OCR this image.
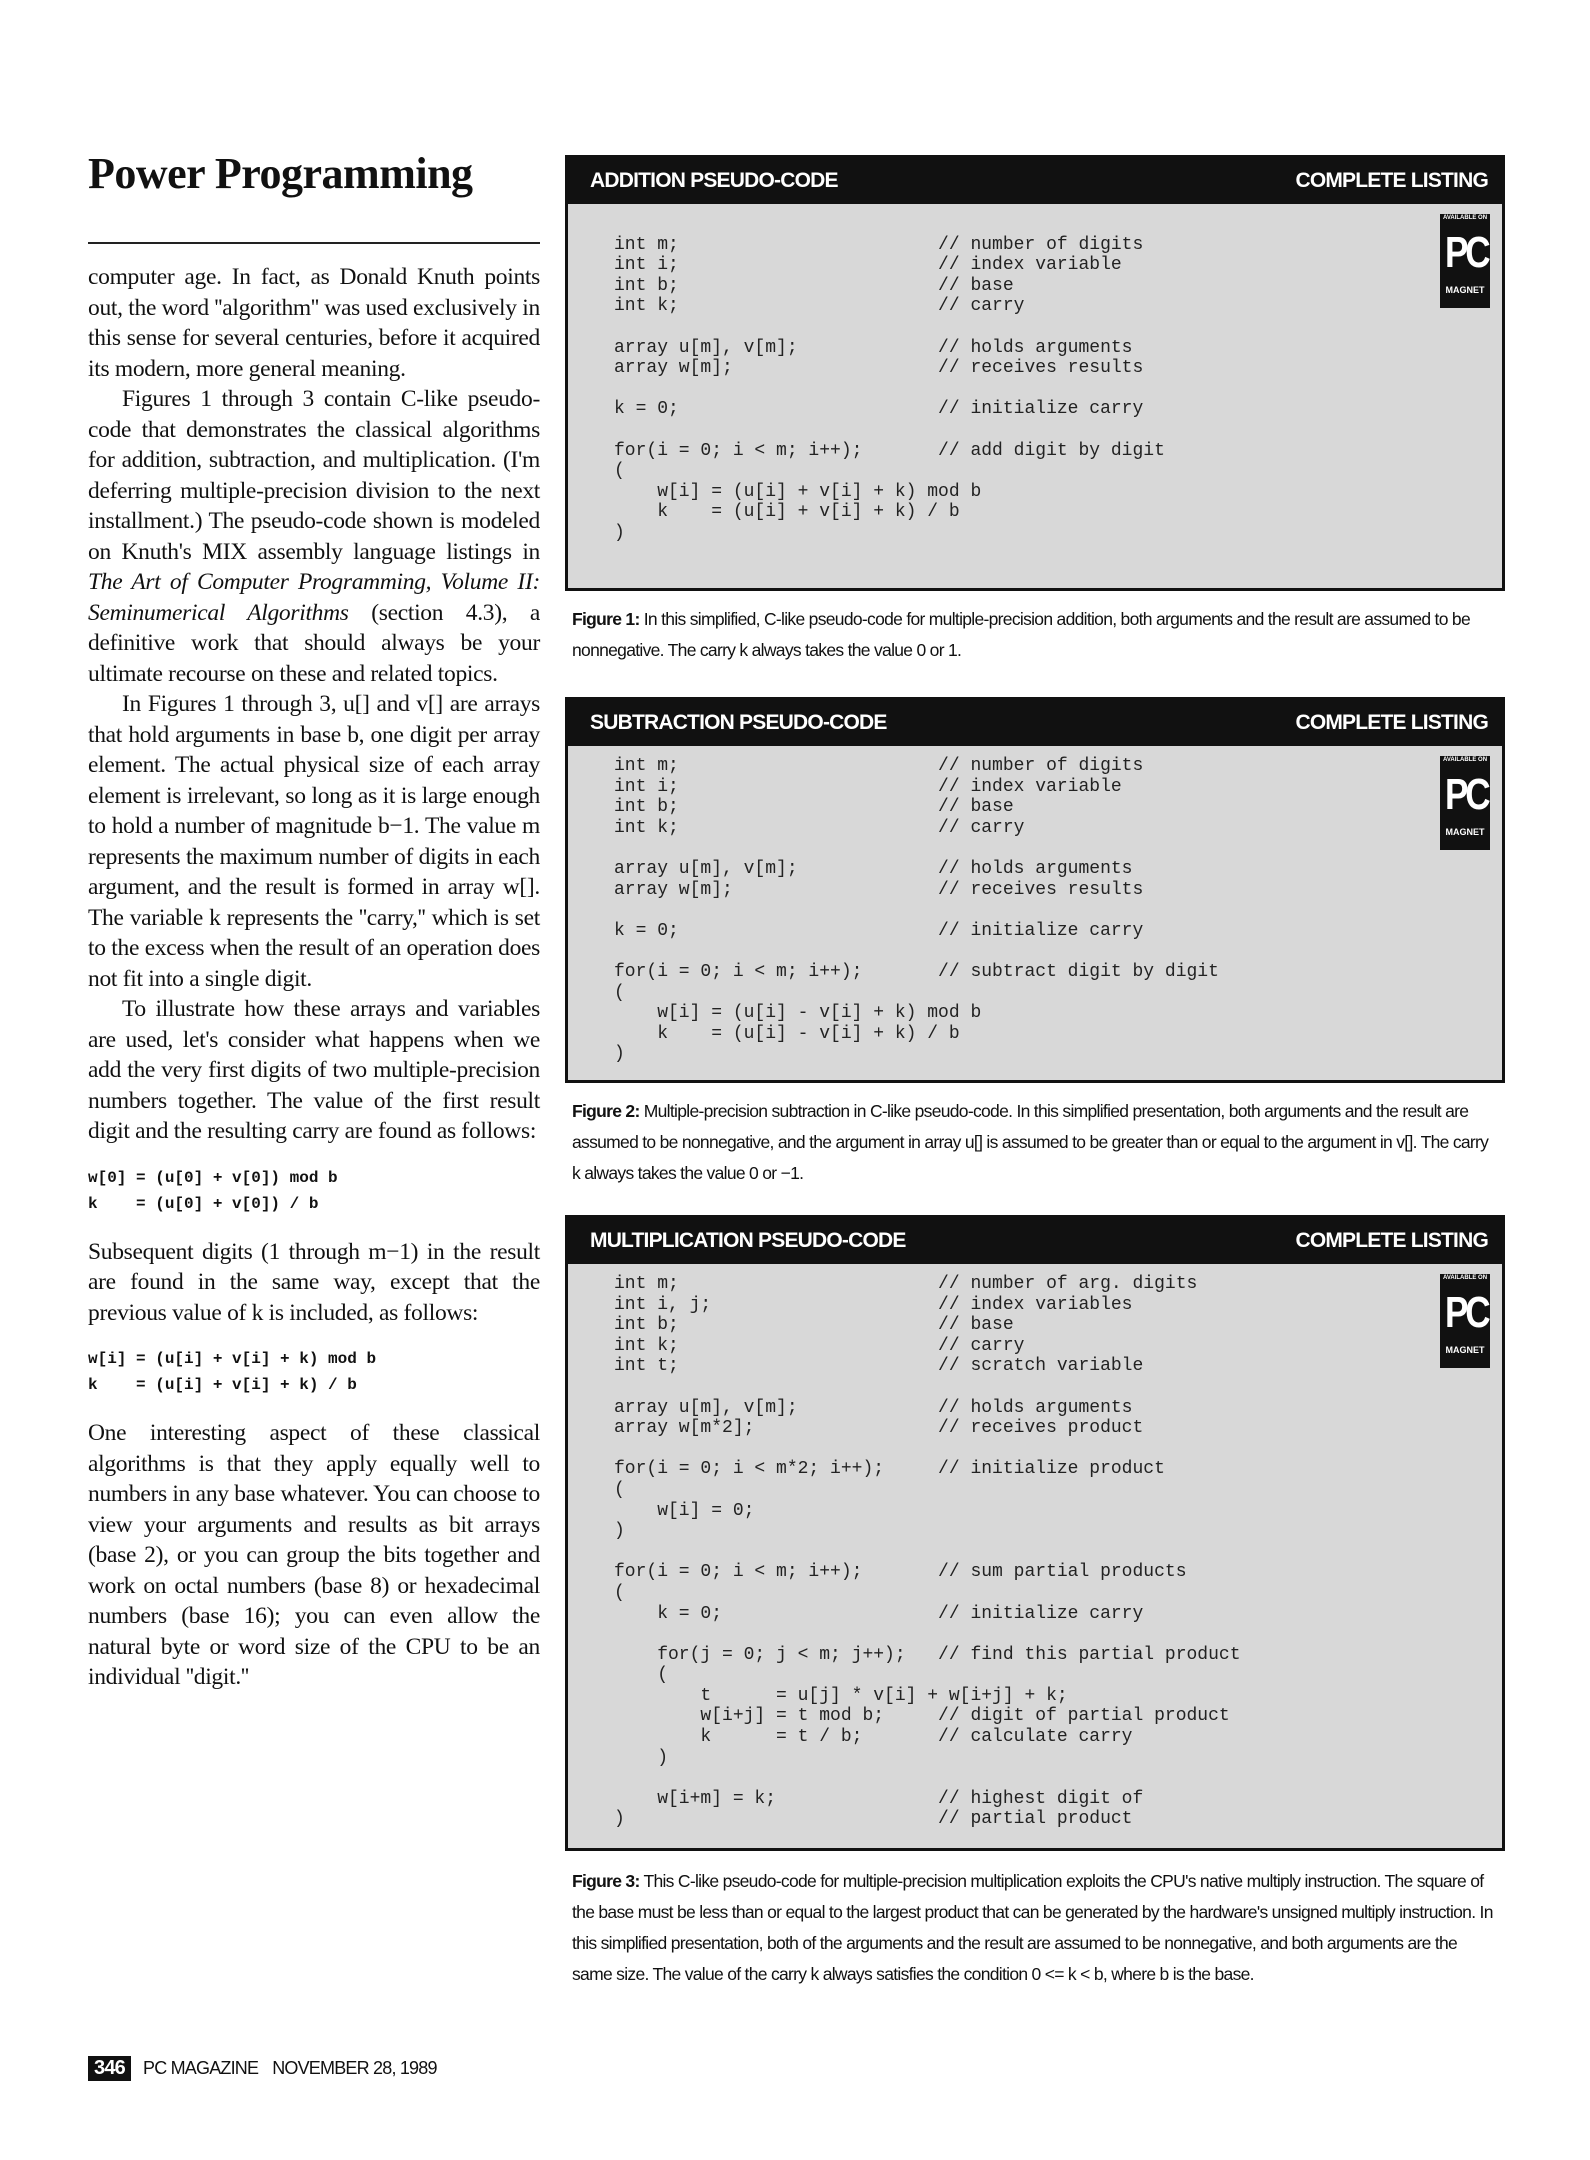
Power Programming

computer age. In fact, as Donald Knuth points out, the word ''algorithm'' was used exclusively in this sense for several centuries, before it acquired its modern, more general meaning.

Figures 1 through 3 contain C-like pseudo-code that demonstrates the classical algorithms for addition, subtraction, and multiplication. (I'm deferring multiple-precision division to the next installment.) The pseudo-code shown is modeled on Knuth's MIX assembly language listings in The Art of Computer Programming, Volume II: Seminumerical Algorithms (section 4.3), a definitive work that should always be your ultimate recourse on these and related topics.

In Figures 1 through 3, u[] and v[] are arrays that hold arguments in base b, one digit per array element. The actual physical size of each array element is irrelevant, so long as it is large enough to hold a number of magnitude b−1. The value m represents the maximum number of digits in each argument, and the result is formed in array w[]. The variable k represents the ''carry,'' which is set to the excess when the result of an operation does not fit into a single digit.

To illustrate how these arrays and variables are used, let's consider what happens when we add the very first digits of two multiple-precision numbers together. The value of the first result digit and the resulting carry are found as follows:

w[0] = (u[0] + v[0]) mod b
k    = (u[0] + v[0]) / b

Subsequent digits (1 through m−1) in the result are found in the same way, except that the previous value of k is included, as follows:

w[i] = (u[i] + v[i] + k) mod b
k    = (u[i] + v[i] + k) / b

One interesting aspect of these classical algorithms is that they apply equally well to numbers in any base whatever. You can choose to view your arguments and results as bit arrays (base 2), or you can group the bits together and work on octal numbers (base 8) or hexadecimal numbers (base 16); you can even allow the natural byte or word size of the CPU to be an individual ''digit.''

ADDITION PSEUDO-CODE	COMPLETE LISTING
AVAILABLE ON
PC
MAGNET
int m;                        // number of digits
int i;                        // index variable
int b;                        // base
int k;                        // carry
array u[m], v[m];             // holds arguments
array w[m];                   // receives results
k = 0;                        // initialize carry
for(i = 0; i < m; i++);       // add digit by digit
(
w[i] = (u[i] + v[i] + k) mod b
k    = (u[i] + v[i] + k) / b
)
Figure 1: In this simplified, C-like pseudo-code for multiple-precision addition, both arguments and the result are assumed to be nonnegative. The carry k always takes the value 0 or 1.
SUBTRACTION PSEUDO-CODE	COMPLETE LISTING
AVAILABLE ON
PC
MAGNET
int m;                        // number of digits
int i;                        // index variable
int b;                        // base
int k;                        // carry
array u[m], v[m];             // holds arguments
array w[m];                   // receives results
k = 0;                        // initialize carry
for(i = 0; i < m; i++);       // subtract digit by digit
(
w[i] = (u[i] - v[i] + k) mod b
k    = (u[i] - v[i] + k) / b
)
Figure 2: Multiple-precision subtraction in C-like pseudo-code. In this simplified presentation, both arguments and the result are assumed to be nonnegative, and the argument in array u[] is assumed to be greater than or equal to the argument in v[]. The carry k always takes the value 0 or −1.
MULTIPLICATION PSEUDO-CODE	COMPLETE LISTING
AVAILABLE ON
PC
MAGNET
int m;                        // number of arg. digits
int i, j;                     // index variables
int b;                        // base
int k;                        // carry
int t;                        // scratch variable
array u[m], v[m];             // holds arguments
array w[m*2];                 // receives product
for(i = 0; i < m*2; i++);     // initialize product
(
w[i] = 0;
)
for(i = 0; i < m; i++);       // sum partial products
(
k = 0;                    // initialize carry
for(j = 0; j < m; j++);   // find this partial product
(
t      = u[j] * v[i] + w[i+j] + k;
w[i+j] = t mod b;     // digit of partial product
k      = t / b;       // calculate carry
)
w[i+m] = k;               // highest digit of
)                             // partial product
Figure 3: This C-like pseudo-code for multiple-precision multiplication exploits the CPU's native multiply instruction. The square of the base must be less than or equal to the largest product that can be generated by the hardware's unsigned multiply instruction. In this simplified presentation, both of the arguments and the result are assumed to be nonnegative, and both arguments are the same size. The value of the carry k always satisfies the condition 0 <= k < b, where b is the base.
346	PC MAGAZINE NOVEMBER 28, 1989
